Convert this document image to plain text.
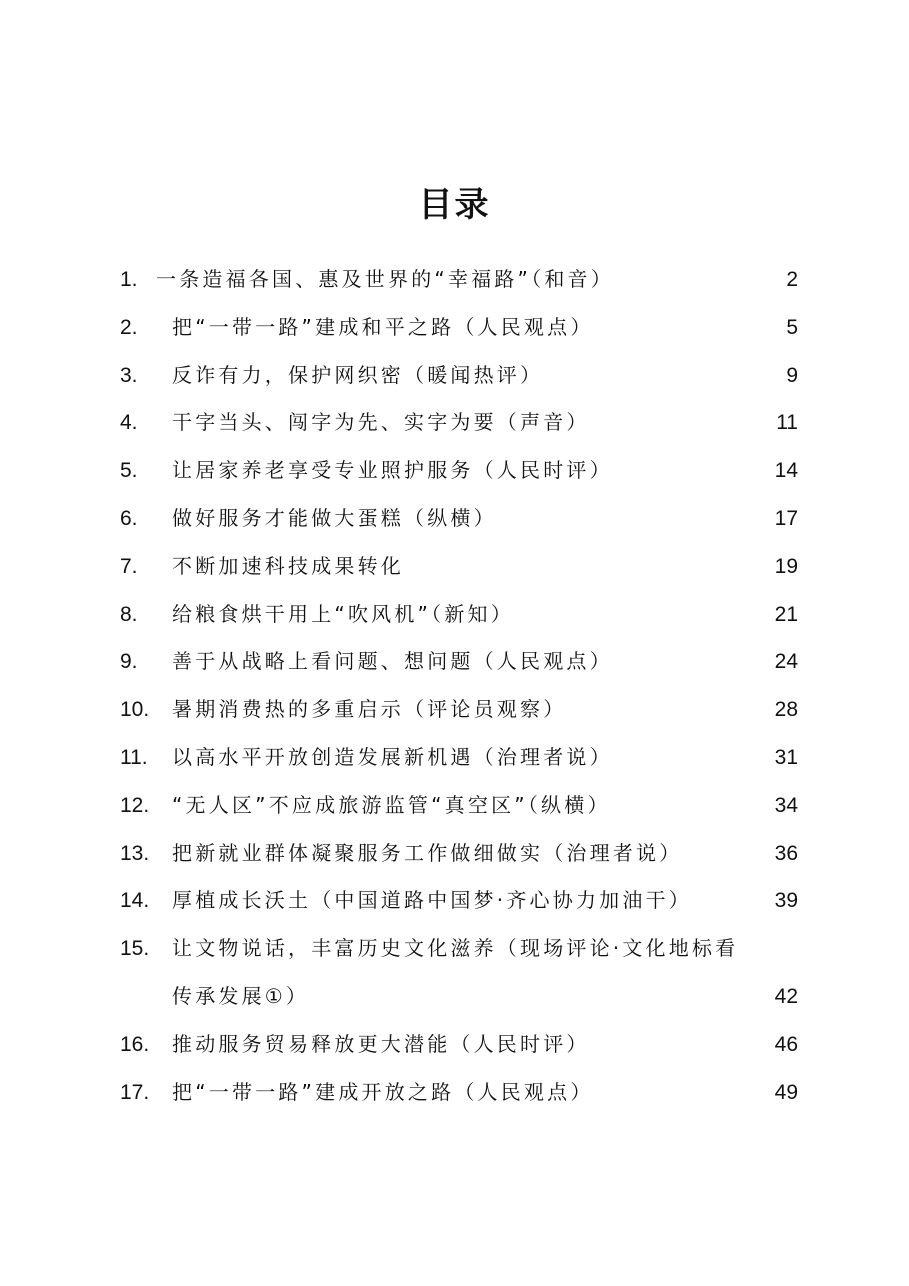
目录
1. 一条造福各国、惠及世界的“幸福路”（和音） .....	2
2. 把“一带一路”建成和平之路（人民观点） .....	5
3. 反诈有力，保护网织密（暖闻热评） .....	9
4. 干字当头、闯字为先、实字为要（声音） .....	11
5. 让居家养老享受专业照护服务（人民时评） .....	14
6. 做好服务才能做大蛋糕（纵横） .....	17
7. 不断加速科技成果转化 .....	19
8. 给粮食烘干用上“吹风机”（新知） .....	21
9. 善于从战略上看问题、想问题（人民观点） .....	24
10. 暑期消费热的多重启示（评论员观察） .....	28
11. 以高水平开放创造发展新机遇（治理者说） .....	31
12. “无人区”不应成旅游监管“真空区”（纵横） .....	34
13. 把新就业群体凝聚服务工作做细做实（治理者说） .....	36
14. 厚植成长沃土（中国道路中国梦·齐心协力加油干） .....	39
15. 让文物说话，丰富历史文化滋养（现场评论·文化地标看
传承发展①） .....	42
16. 推动服务贸易释放更大潜能（人民时评） .....	46
17. 把“一带一路”建成开放之路（人民观点） .....	49
